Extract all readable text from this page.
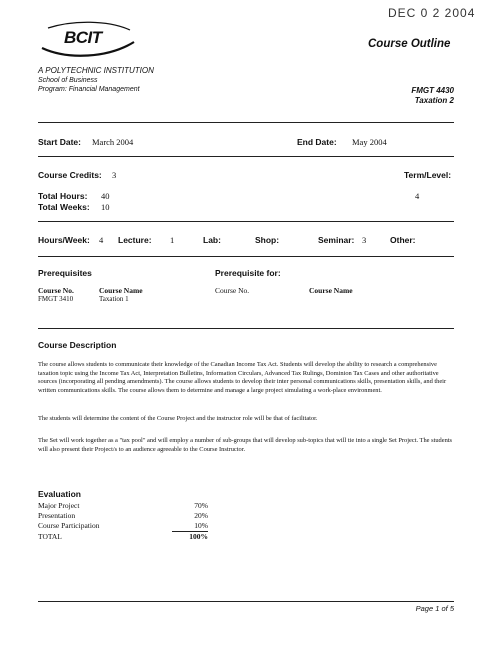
DEC 0 2 2004
BCIT	Course Outline
A POLYTECHNIC INSTITUTION
School of Business
Program: Financial Management	FMGT 4430
Taxation 2
Start Date: March 2004	End Date: May 2004
Course Credits: 3	Term/Level:
4
Total Hours: 40
Total Weeks: 10
Hours/Week: 4 Lecture: 1	Lab:	Shop:	Seminar: 3	Other:
Prerequisites	Prerequisite for:
Course No.	Course Name	Course No.	Course Name
FMGT 3410	Taxation 1
Course Description
The course allows students to communicate their knowledge of the Canadian Income Tax Act. Students will develop the ability to research a comprehensive taxation topic using the Income Tax Act, Interpretation Bulletins, Information Circulars, Advanced Tax Rulings, Dominion Tax Cases and other authoritative sources (incorporating all pending amendments). The course allows students to develop their inter personal communications skills, presentation skills, and their written communications skills. The course allows them to determine and manage a large project simulating a work-place environment.
The students will determine the content of the Course Project and the instructor role will be that of facilitator.
The Set will work together as a "tax pool" and will employ a number of sub-groups that will develop sub-topics that will tie into a single Set Project. The students will also present their Project/s to an audience agreeable to the Course Instructor.
Evaluation
Major Project	70%
Presentation	20%
Course Participation	10%
TOTAL	100%
Page 1 of 5
